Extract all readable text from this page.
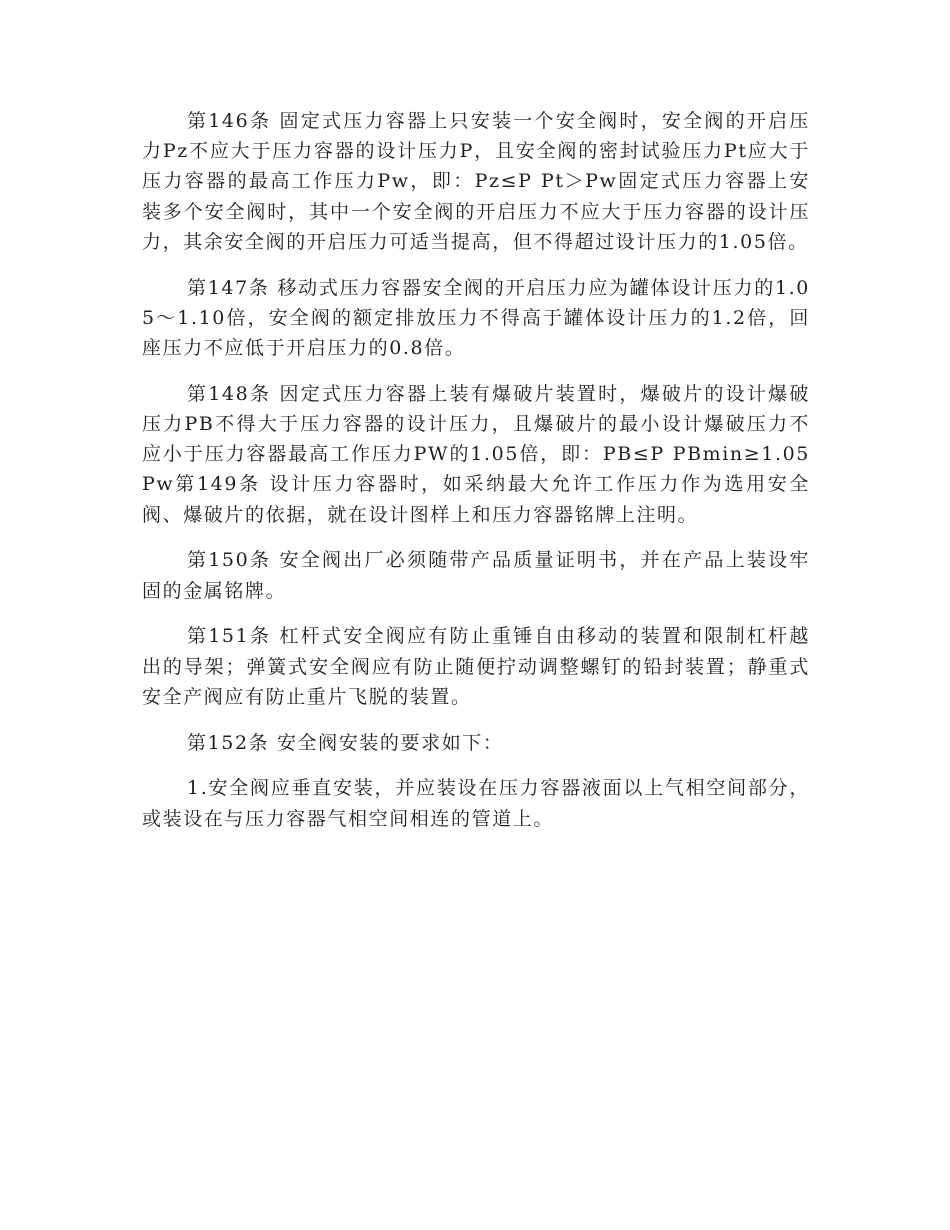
第146条 固定式压力容器上只安装一个安全阀时，安全阀的开启压力Pz不应大于压力容器的设计压力P，且安全阀的密封试验压力Pt应大于压力容器的最高工作压力Pw，即：Pz≤P Pt＞Pw固定式压力容器上安装多个安全阀时，其中一个安全阀的开启压力不应大于压力容器的设计压力，其余安全阀的开启压力可适当提高，但不得超过设计压力的1.05倍。

第147条 移动式压力容器安全阀的开启压力应为罐体设计压力的1.05～1.10倍，安全阀的额定排放压力不得高于罐体设计压力的1.2倍，回座压力不应低于开启压力的0.8倍。

第148条 因定式压力容器上装有爆破片装置时，爆破片的设计爆破压力PB不得大于压力容器的设计压力，且爆破片的最小设计爆破压力不应小于压力容器最高工作压力PW的1.05倍，即：PB≤P PBmin≥1.05Pw第149条 设计压力容器时，如采纳最大允许工作压力作为选用安全阀、爆破片的依据，就在设计图样上和压力容器铭牌上注明。

第150条 安全阀出厂必须随带产品质量证明书，并在产品上装设牢固的金属铭牌。

第151条 杠杆式安全阀应有防止重锤自由移动的装置和限制杠杆越出的导架；弹簧式安全阀应有防止随便拧动调整螺钉的铅封装置；静重式安全产阀应有防止重片飞脱的装置。

第152条 安全阀安装的要求如下：

1.安全阀应垂直安装，并应装设在压力容器液面以上气相空间部分，或装设在与压力容器气相空间相连的管道上。
